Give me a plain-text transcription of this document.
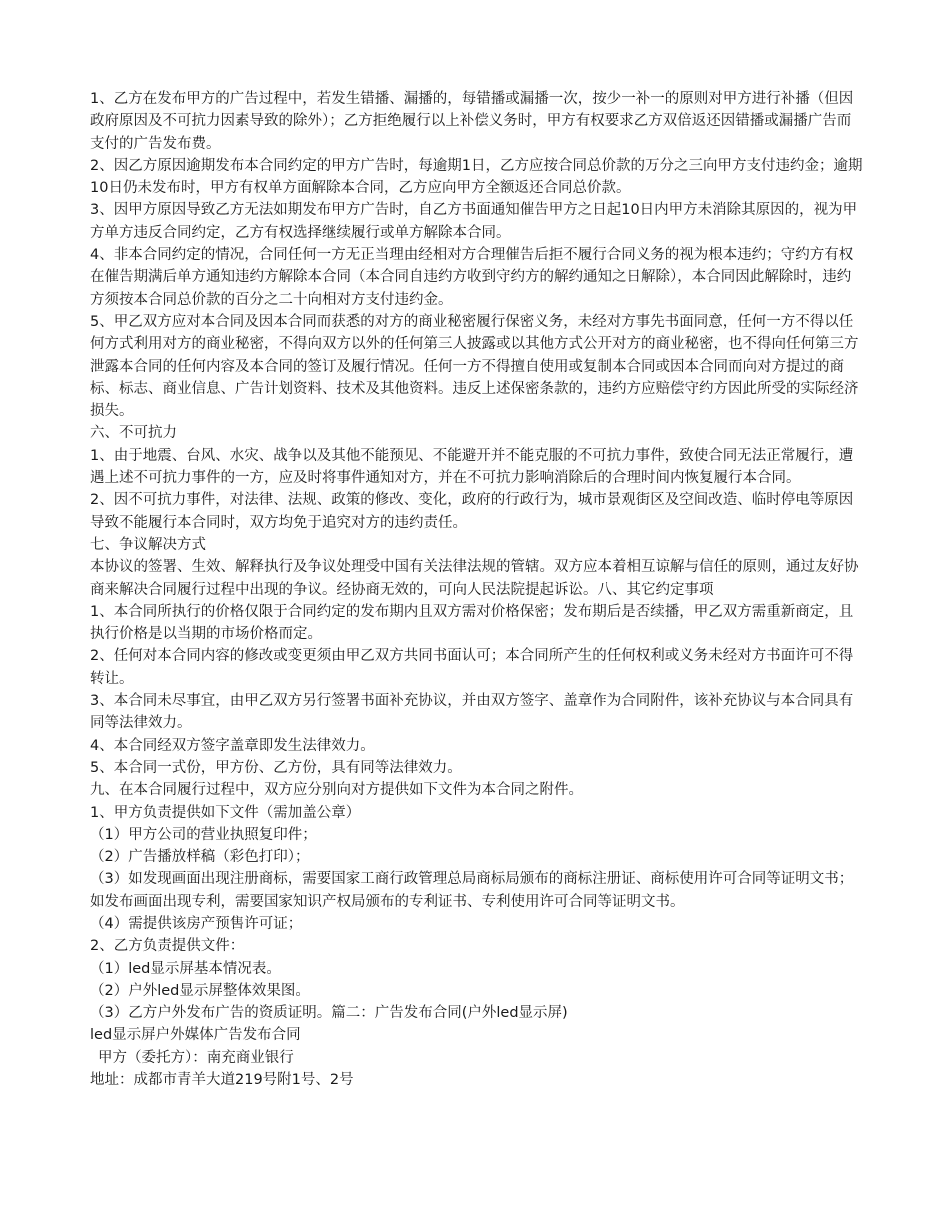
1、乙方在发布甲方的广告过程中，若发生错播、漏播的，每错播或漏播一次，按少一补一的原则对甲方进行补播（但因政府原因及不可抗力因素导致的除外）；乙方拒绝履行以上补偿义务时，甲方有权要求乙方双倍返还因错播或漏播广告而支付的广告发布费。

2、因乙方原因逾期发布本合同约定的甲方广告时，每逾期1日，乙方应按合同总价款的万分之三向甲方支付违约金；逾期10日仍未发布时，甲方有权单方面解除本合同，乙方应向甲方全额返还合同总价款。

3、因甲方原因导致乙方无法如期发布甲方广告时，自乙方书面通知催告甲方之日起10日内甲方未消除其原因的，视为甲方单方违反合同约定，乙方有权选择继续履行或单方解除本合同。

4、非本合同约定的情况，合同任何一方无正当理由经相对方合理催告后拒不履行合同义务的视为根本违约；守约方有权在催告期满后单方通知违约方解除本合同（本合同自违约方收到守约方的解约通知之日解除），本合同因此解除时，违约方须按本合同总价款的百分之二十向相对方支付违约金。

5、甲乙双方应对本合同及因本合同而获悉的对方的商业秘密履行保密义务，未经对方事先书面同意，任何一方不得以任何方式利用对方的商业秘密，不得向双方以外的任何第三人披露或以其他方式公开对方的商业秘密，也不得向任何第三方泄露本合同的任何内容及本合同的签订及履行情况。任何一方不得擅自使用或复制本合同或因本合同而向对方提过的商标、标志、商业信息、广告计划资料、技术及其他资料。违反上述保密条款的，违约方应赔偿守约方因此所受的实际经济损失。

六、不可抗力

1、由于地震、台风、水灾、战争以及其他不能预见、不能避开并不能克服的不可抗力事件，致使合同无法正常履行，遭遇上述不可抗力事件的一方，应及时将事件通知对方，并在不可抗力影响消除后的合理时间内恢复履行本合同。

2、因不可抗力事件，对法律、法规、政策的修改、变化，政府的行政行为，城市景观街区及空间改造、临时停电等原因导致不能履行本合同时，双方均免于追究对方的违约责任。

七、争议解决方式

本协议的签署、生效、解释执行及争议处理受中国有关法律法规的管辖。双方应本着相互谅解与信任的原则，通过友好协商来解决合同履行过程中出现的争议。经协商无效的，可向人民法院提起诉讼。八、其它约定事项

1、本合同所执行的价格仅限于合同约定的发布期内且双方需对价格保密；发布期后是否续播，甲乙双方需重新商定，且执行价格是以当期的市场价格而定。

2、任何对本合同内容的修改或变更须由甲乙双方共同书面认可；本合同所产生的任何权利或义务未经对方书面许可不得转让。

3、本合同未尽事宜，由甲乙双方另行签署书面补充协议，并由双方签字、盖章作为合同附件，该补充协议与本合同具有同等法律效力。

4、本合同经双方签字盖章即发生法律效力。

5、本合同一式份，甲方份、乙方份，具有同等法律效力。

九、在本合同履行过程中，双方应分别向对方提供如下文件为本合同之附件。

1、甲方负责提供如下文件（需加盖公章）

（1）甲方公司的营业执照复印件；

（2）广告播放样稿（彩色打印）；

（3）如发现画面出现注册商标，需要国家工商行政管理总局商标局颁布的商标注册证、商标使用许可合同等证明文书；如发布画面出现专利，需要国家知识产权局颁布的专利证书、专利使用许可合同等证明文书。

（4）需提供该房产预售许可证；

2、乙方负责提供文件：

（1）led显示屏基本情况表。

（2）户外led显示屏整体效果图。

（3）乙方户外发布广告的资质证明。篇二：广告发布合同(户外led显示屏)

led显示屏户外媒体广告发布合同

甲方（委托方）：南充商业银行

地址：成都市青羊大道219号附1号、2号
